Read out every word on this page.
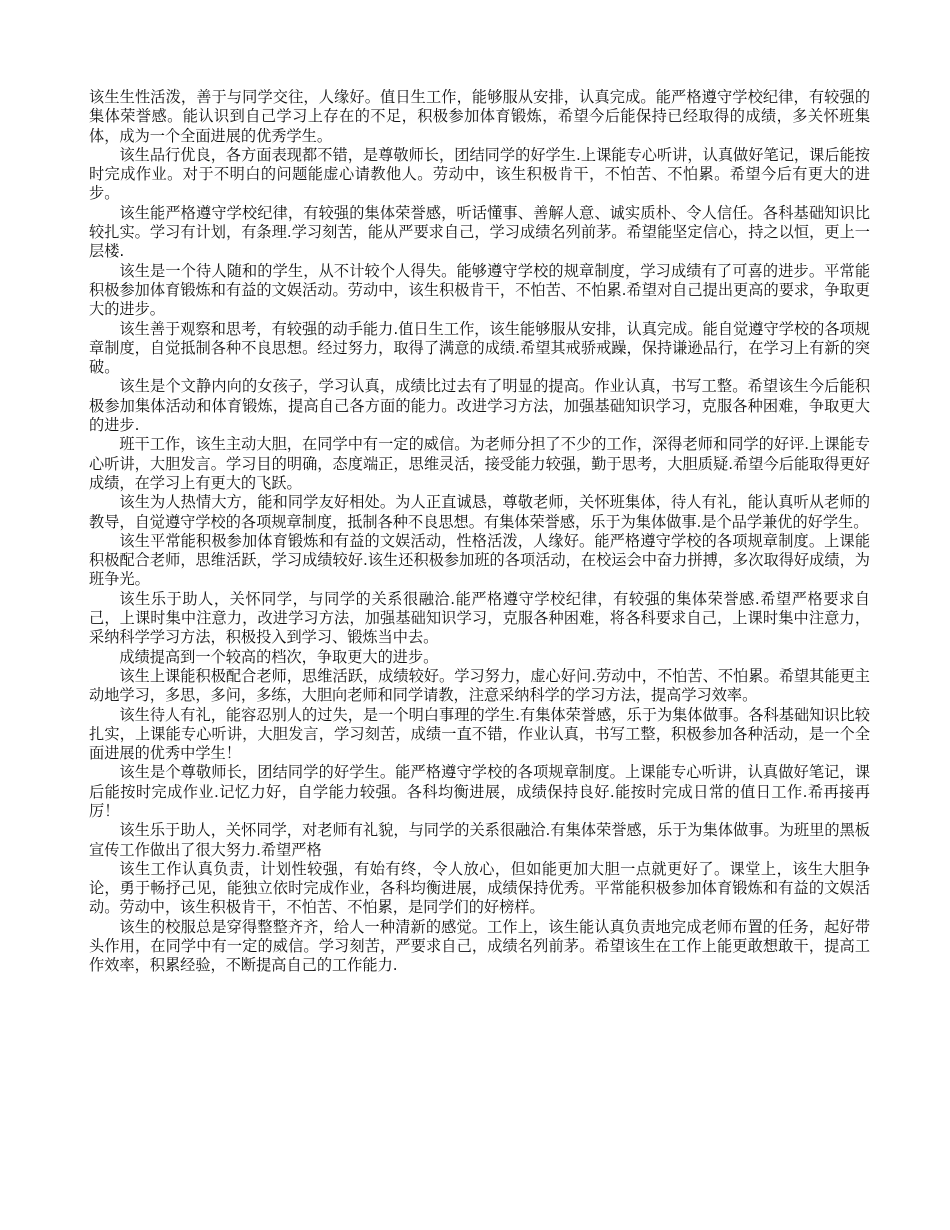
该生生性活泼，善于与同学交往，人缘好。值日生工作，能够服从安排，认真完成。能严格遵守学校纪律，有较强的集体荣誉感。能认识到自己学习上存在的不足，积极参加体育锻炼，希望今后能保持已经取得的成绩，多关怀班集体，成为一个全面进展的优秀学生。

该生品行优良，各方面表现都不错，是尊敬师长，团结同学的好学生.上课能专心听讲，认真做好笔记，课后能按时完成作业。对于不明白的问题能虚心请教他人。劳动中，该生积极肯干，不怕苦、不怕累。希望今后有更大的进步。

该生能严格遵守学校纪律，有较强的集体荣誉感，听话懂事、善解人意、诚实质朴、令人信任。各科基础知识比较扎实。学习有计划，有条理.学习刻苦，能从严要求自己，学习成绩名列前茅。希望能坚定信心，持之以恒，更上一层楼.

该生是一个待人随和的学生，从不计较个人得失。能够遵守学校的规章制度，学习成绩有了可喜的进步。平常能积极参加体育锻炼和有益的文娱活动。劳动中，该生积极肯干，不怕苦、不怕累.希望对自己提出更高的要求，争取更大的进步。

该生善于观察和思考，有较强的动手能力.值日生工作，该生能够服从安排，认真完成。能自觉遵守学校的各项规章制度，自觉抵制各种不良思想。经过努力，取得了满意的成绩.希望其戒骄戒躁，保持谦逊品行，在学习上有新的突破。

该生是个文静内向的女孩子，学习认真，成绩比过去有了明显的提高。作业认真，书写工整。希望该生今后能积极参加集体活动和体育锻炼，提高自己各方面的能力。改进学习方法，加强基础知识学习，克服各种困难，争取更大的进步.

班干工作，该生主动大胆，在同学中有一定的威信。为老师分担了不少的工作，深得老师和同学的好评.上课能专心听讲，大胆发言。学习目的明确，态度端正，思维灵活，接受能力较强，勤于思考，大胆质疑.希望今后能取得更好成绩，在学习上有更大的飞跃。

该生为人热情大方，能和同学友好相处。为人正直诚恳，尊敬老师，关怀班集体，待人有礼，能认真听从老师的教导，自觉遵守学校的各项规章制度，抵制各种不良思想。有集体荣誉感，乐于为集体做事.是个品学兼优的好学生。

该生平常能积极参加体育锻炼和有益的文娱活动，性格活泼，人缘好。能严格遵守学校的各项规章制度。上课能积极配合老师，思维活跃，学习成绩较好.该生还积极参加班的各项活动，在校运会中奋力拼搏，多次取得好成绩，为班争光。

该生乐于助人，关怀同学，与同学的关系很融洽.能严格遵守学校纪律，有较强的集体荣誉感.希望严格要求自己，上课时集中注意力，改进学习方法，加强基础知识学习，克服各种困难，将各科要求自己，上课时集中注意力，采纳科学学习方法，积极投入到学习、锻炼当中去。

成绩提高到一个较高的档次，争取更大的进步。

该生上课能积极配合老师，思维活跃，成绩较好。学习努力，虚心好问.劳动中，不怕苦、不怕累。希望其能更主动地学习，多思，多问，多练，大胆向老师和同学请教，注意采纳科学的学习方法，提高学习效率。

该生待人有礼，能容忍别人的过失，是一个明白事理的学生.有集体荣誉感，乐于为集体做事。各科基础知识比较扎实，上课能专心听讲，大胆发言，学习刻苦，成绩一直不错，作业认真，书写工整，积极参加各种活动，是一个全面进展的优秀中学生！

该生是个尊敬师长，团结同学的好学生。能严格遵守学校的各项规章制度。上课能专心听讲，认真做好笔记，课后能按时完成作业.记忆力好，自学能力较强。各科均衡进展，成绩保持良好.能按时完成日常的值日工作.希再接再厉！

该生乐于助人，关怀同学，对老师有礼貌，与同学的关系很融洽.有集体荣誉感，乐于为集体做事。为班里的黑板宣传工作做出了很大努力.希望严格

该生工作认真负责，计划性较强，有始有终，令人放心，但如能更加大胆一点就更好了。课堂上，该生大胆争论，勇于畅抒己见，能独立依时完成作业，各科均衡进展，成绩保持优秀。平常能积极参加体育锻炼和有益的文娱活动。劳动中，该生积极肯干，不怕苦、不怕累，是同学们的好榜样。

该生的校服总是穿得整整齐齐，给人一种清新的感觉。工作上，该生能认真负责地完成老师布置的任务，起好带头作用，在同学中有一定的威信。学习刻苦，严要求自己，成绩名列前茅。希望该生在工作上能更敢想敢干，提高工作效率，积累经验，不断提高自己的工作能力.
